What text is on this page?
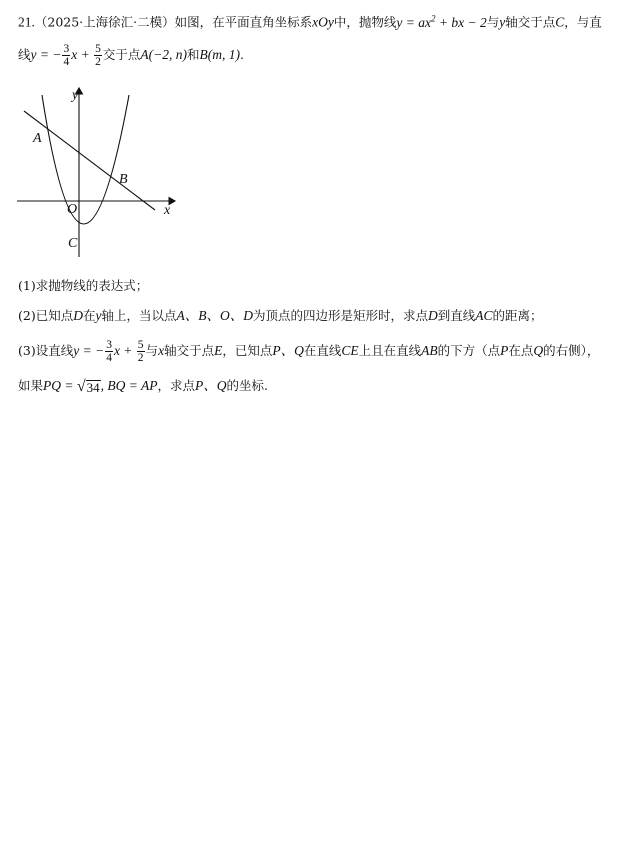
21.（2025·上海徐汇·二模）如图，在平面直角坐标系xOy中，抛物线$y = ax^2$ + bx − 2与y轴交于点C，与直
线y = − $\frac{3}{4}$ $x + \frac{5}{2}$ 交于点A(−2, n)和B(m, 1).
y
x
A
B
O
C
(1)求抛物线的表达式；
(2)已知点D在y轴上，当以点A、B、O、D为顶点的四边形是矩形时，求点D到直线AC的距离；
(3)设直线y = − $\frac{3}{4}$ $x + \frac{5}{2}$ 与x轴交于点E，已知点P、Q在直线CE上且在直线AB的下方（点P在点Q的右侧），
如果PQ = √ 34 , BQ = AP，求点P、Q的坐标.
